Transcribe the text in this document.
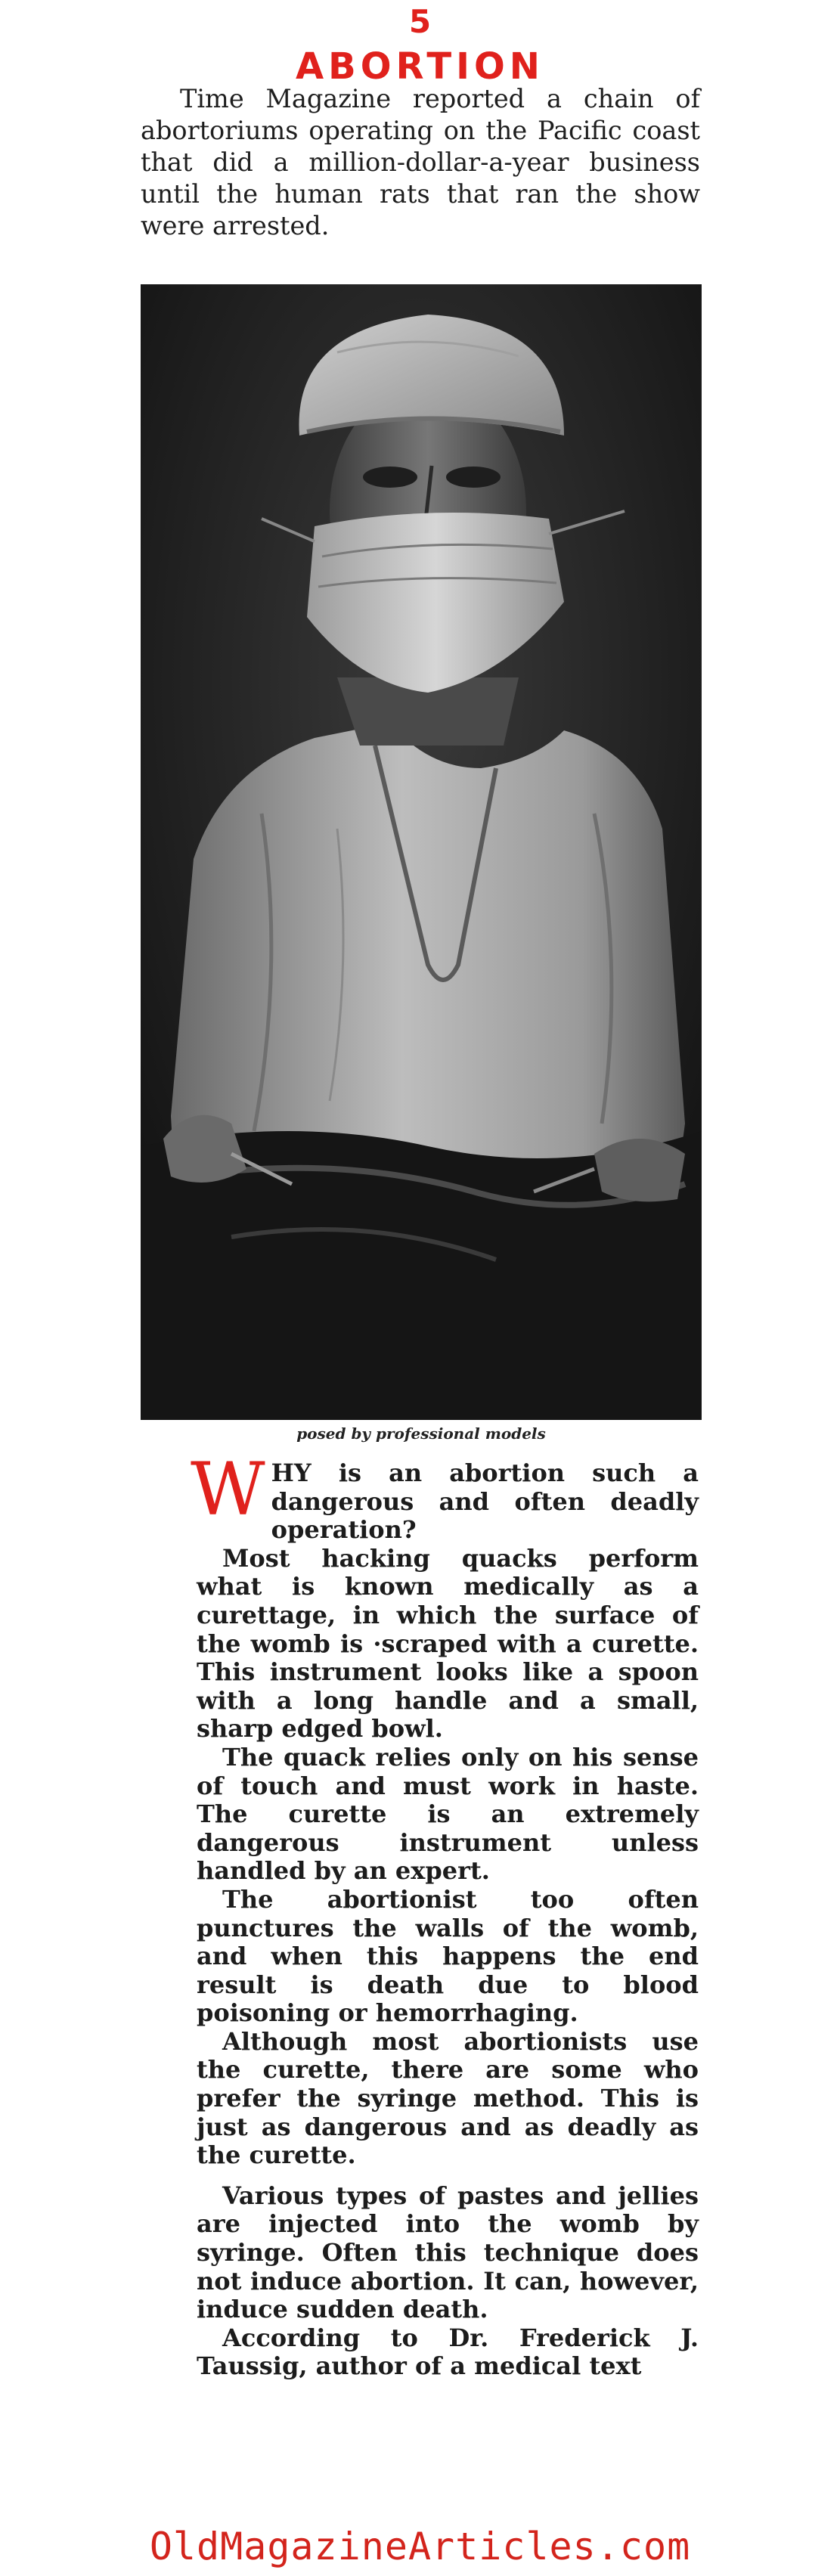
5
ABORTION
Time Magazine reported a chain of abortoriums operating on the Pacific coast that did a million-dollar-a-year business until the human rats that ran the show were arrested.
posed by professional models

WHY is an abortion such a dangerous and often deadly operation?

Most hacking quacks perform what is known medically as a curettage, in which the surface of the womb is ·scraped with a curette. This instrument looks like a spoon with a long handle and a small, sharp edged bowl.

The quack relies only on his sense of touch and must work in haste. The curette is an extremely dangerous instrument unless handled by an expert.

The abortionist too often punctures the walls of the womb, and when this happens the end result is death due to blood poisoning or hemorrhaging.

Although most abortionists use the curette, there are some who prefer the syringe method. This is just as dangerous and as deadly as the curette.

Various types of pastes and jellies are injected into the womb by syringe. Often this technique does not induce abortion. It can, however, induce sudden death.

According to Dr. Frederick J. Taussig, author of a medical text

OldMagazineArticles.com
